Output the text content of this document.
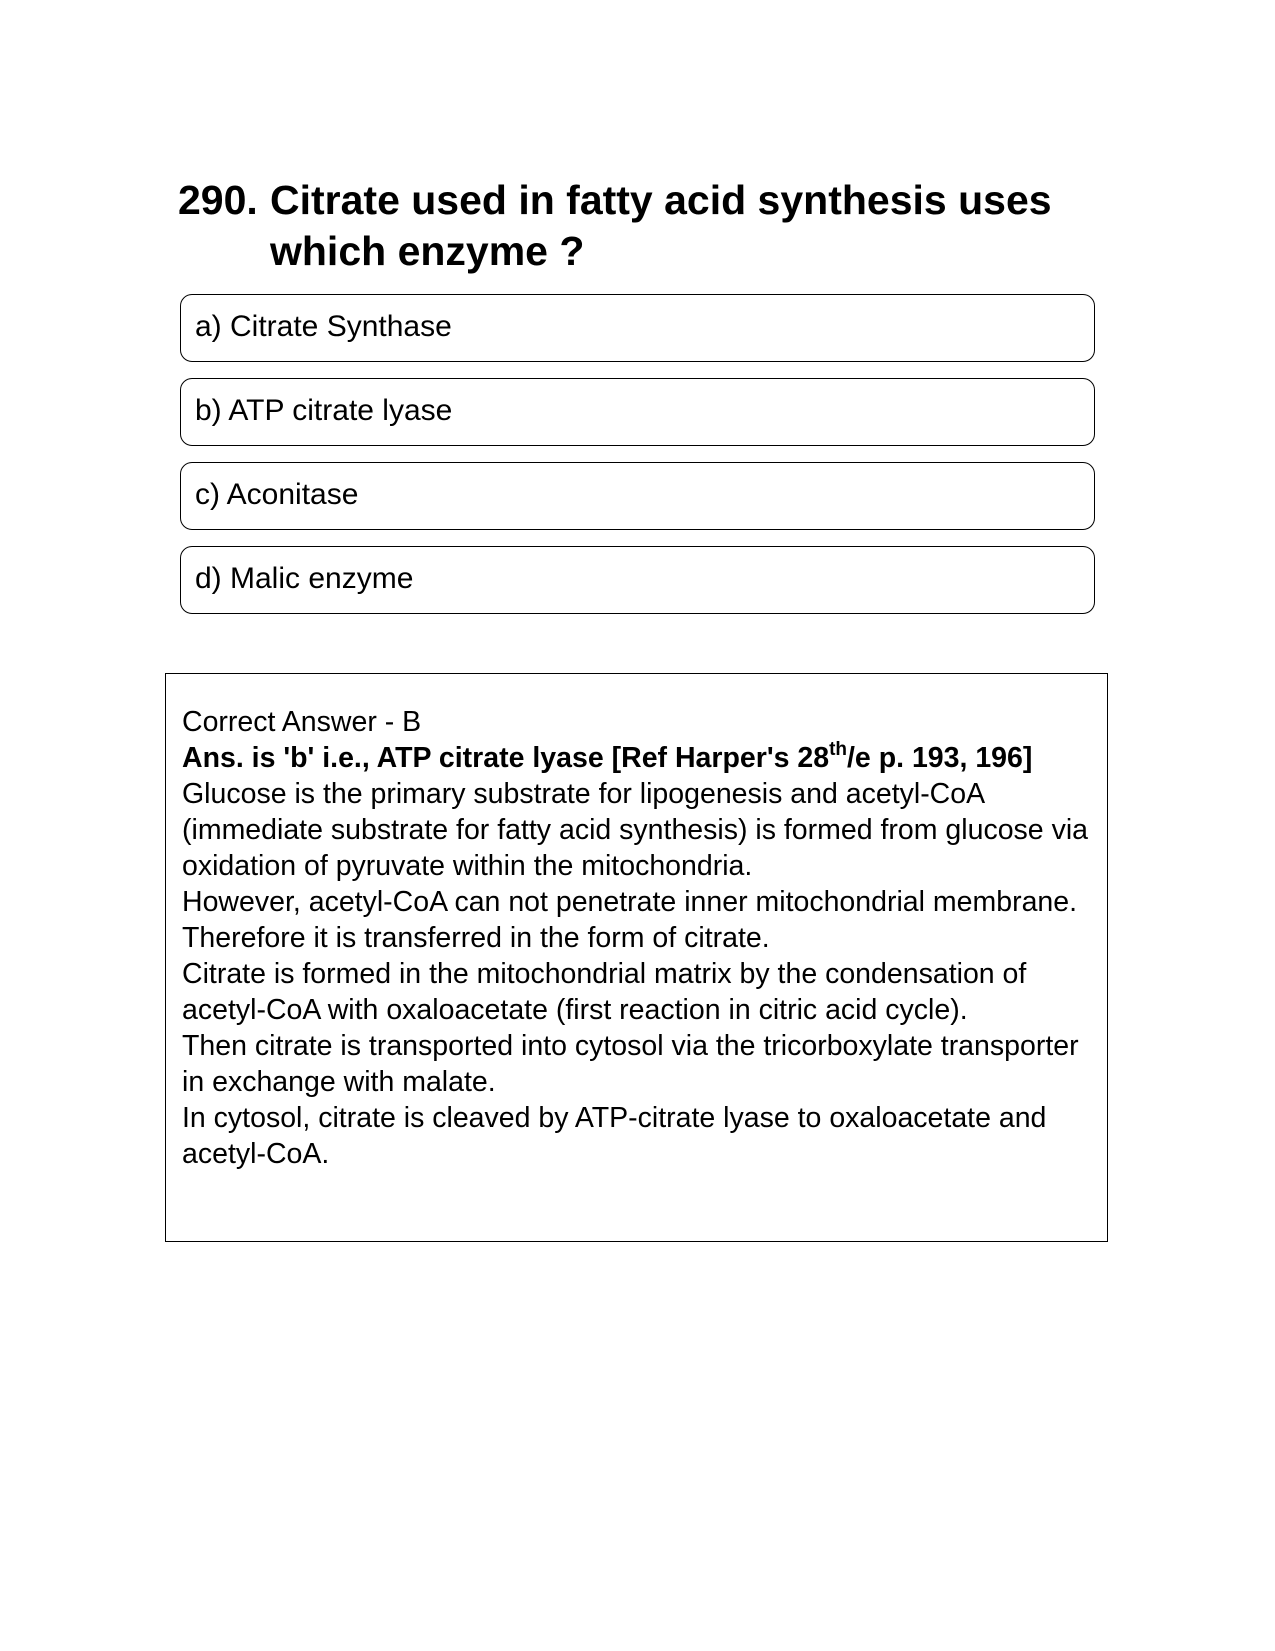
290. Citrate used in fatty acid synthesis uses which enzyme ?
a) Citrate Synthase
b) ATP citrate lyase
c) Aconitase
d) Malic enzyme

Correct Answer - B

Ans. is 'b' i.e., ATP citrate lyase [Ref Harper's 28th/e p. 193, 196]

Glucose is the primary substrate for lipogenesis and acetyl-CoA (immediate substrate for fatty acid synthesis) is formed from glucose via oxidation of pyruvate within the mitochondria.

However, acetyl-CoA can not penetrate inner mitochondrial membrane.

Therefore it is transferred in the form of citrate.

Citrate is formed in the mitochondrial matrix by the condensation of acetyl-CoA with oxaloacetate (first reaction in citric acid cycle).

Then citrate is transported into cytosol via the tricorboxylate transporter in exchange with malate.

In cytosol, citrate is cleaved by ATP-citrate lyase to oxaloacetate and acetyl-CoA.
